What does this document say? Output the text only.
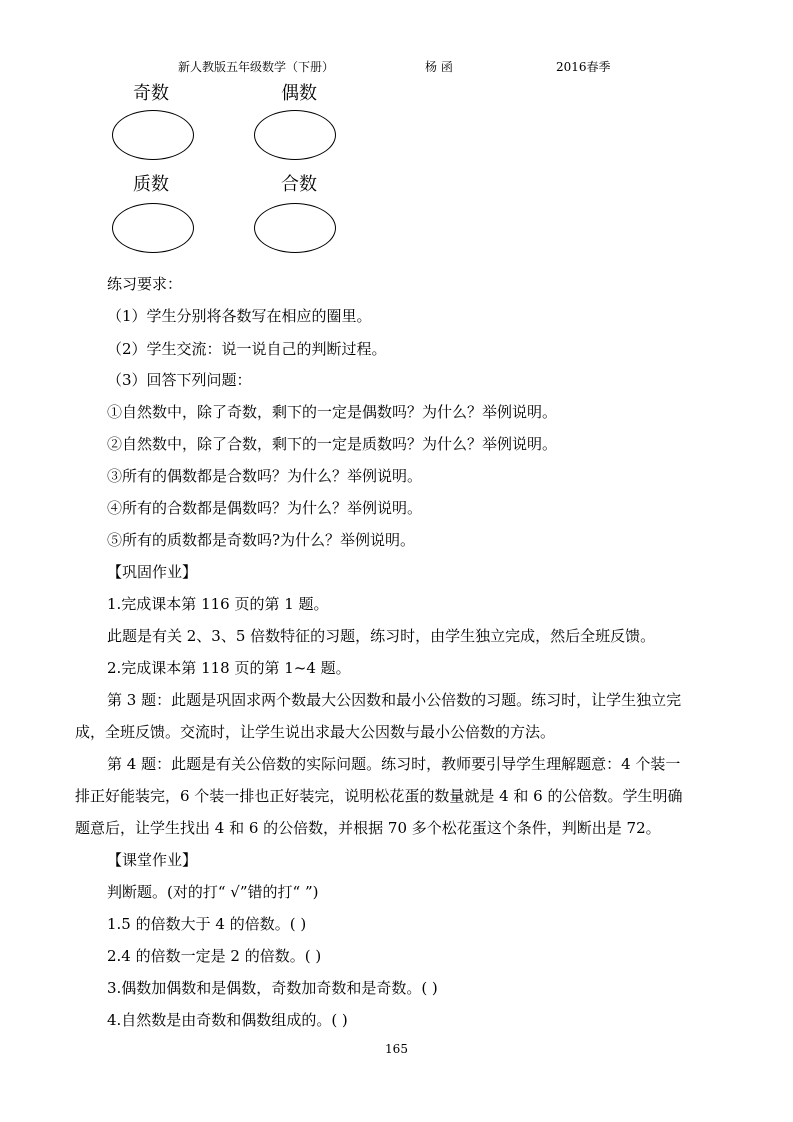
新人教版五年级数学（下册）	杨 函	2016春季
奇数	偶数
质数	合数
练习要求：
（1）学生分别将各数写在相应的圈里。
（2）学生交流：说一说自己的判断过程。
（3）回答下列问题：
①自然数中，除了奇数，剩下的一定是偶数吗？为什么？举例说明。
②自然数中，除了合数，剩下的一定是质数吗？为什么？举例说明。
③所有的偶数都是合数吗？为什么？举例说明。
④所有的合数都是偶数吗？为什么？举例说明。
⑤所有的质数都是奇数吗?为什么？举例说明。
【巩固作业】
1.完成课本第 116 页的第 1 题。
此题是有关 2、3、5 倍数特征的习题，练习时，由学生独立完成，然后全班反馈。
2.完成课本第 118 页的第 1~4 题。
第 3 题：此题是巩固求两个数最大公因数和最小公倍数的习题。练习时，让学生独立完
成，全班反馈。交流时，让学生说出求最大公因数与最小公倍数的方法。
第 4 题：此题是有关公倍数的实际问题。练习时，教师要引导学生理解题意：4 个装一
排正好能装完，6 个装一排也正好装完，说明松花蛋的数量就是 4 和 6 的公倍数。学生明确
题意后，让学生找出 4 和 6 的公倍数，并根据 70 多个松花蛋这个条件，判断出是 72。
【课堂作业】
判断题。(对的打“ √”错的打“ ”)
1.5 的倍数大于 4 的倍数。( )
2.4 的倍数一定是 2 的倍数。( )
3.偶数加偶数和是偶数，奇数加奇数和是奇数。( )
4.自然数是由奇数和偶数组成的。( )
165
